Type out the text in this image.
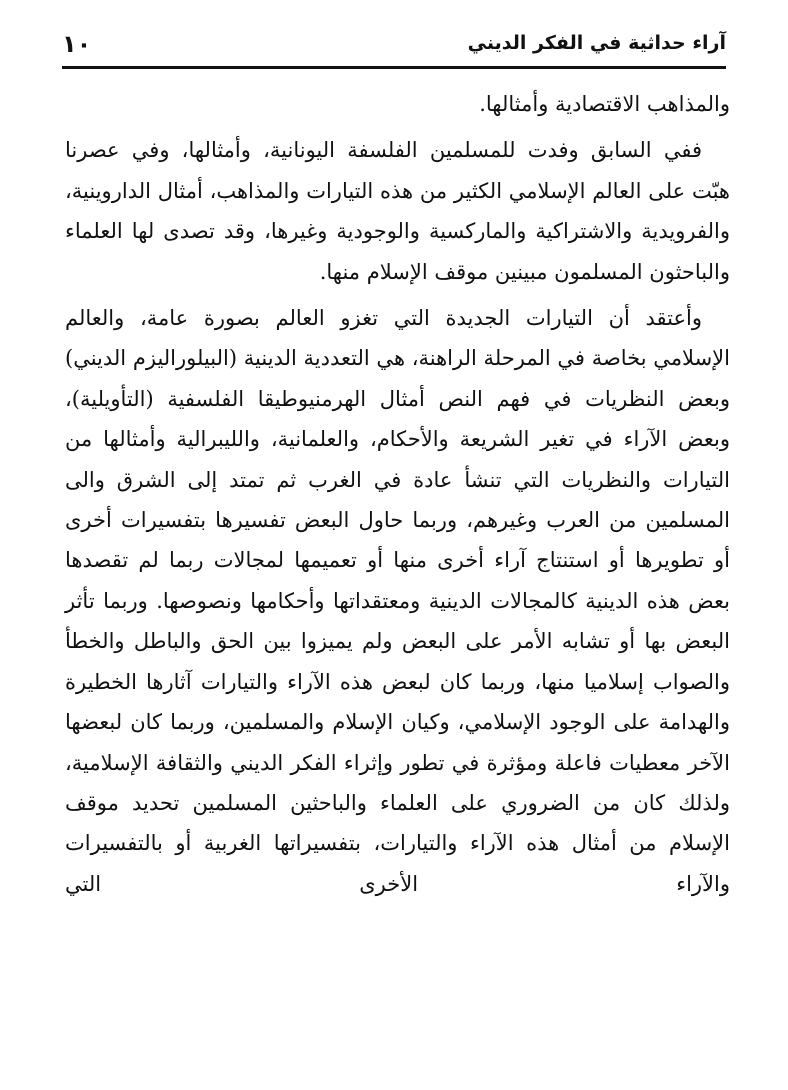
آراء حداثية في الفكر الديني
١٠

والمذاهب الاقتصادية وأمثالها.

ففي السابق وفدت للمسلمين الفلسفة اليونانية، وأمثالها، وفي عصرنا هبّت على العالم الإسلامي الكثير من هذه التيارات والمذاهب، أمثال الداروينية، والفرويدية والاشتراكية والماركسية والوجودية وغيرها، وقد تصدى لها العلماء والباحثون المسلمون مبينين موقف الإسلام منها.

وأعتقد أن التيارات الجديدة التي تغزو العالم بصورة عامة، والعالم الإسلامي بخاصة في المرحلة الراهنة، هي التعددية الدينية (البيلوراليزم الديني) وبعض النظريات في فهم النص أمثال الهرمنيوطيقا الفلسفية (التأويلية)، وبعض الآراء في تغير الشريعة والأحكام، والعلمانية، والليبرالية وأمثالها من التيارات والنظريات التي تنشأ عادة في الغرب ثم تمتد إلى الشرق والى المسلمين من العرب وغيرهم، وربما حاول البعض تفسيرها بتفسيرات أخرى أو تطويرها أو استنتاج آراء أخرى منها أو تعميمها لمجالات ربما لم تقصدها بعض هذه الدينية كالمجالات الدينية ومعتقداتها وأحكامها ونصوصها. وربما تأثر البعض بها أو تشابه الأمر على البعض ولم يميزوا بين الحق والباطل والخطأ والصواب إسلاميا منها، وربما كان لبعض هذه الآراء والتيارات آثارها الخطيرة والهدامة على الوجود الإسلامي، وكيان الإسلام والمسلمين، وربما كان لبعضها الآخر معطيات فاعلة ومؤثرة في تطور وإثراء الفكر الديني والثقافة الإسلامية، ولذلك كان من الضروري على العلماء والباحثين المسلمين تحديد موقف الإسلام من أمثال هذه الآراء والتيارات، بتفسيراتها الغربية أو بالتفسيرات والآراء الأخرى التي
